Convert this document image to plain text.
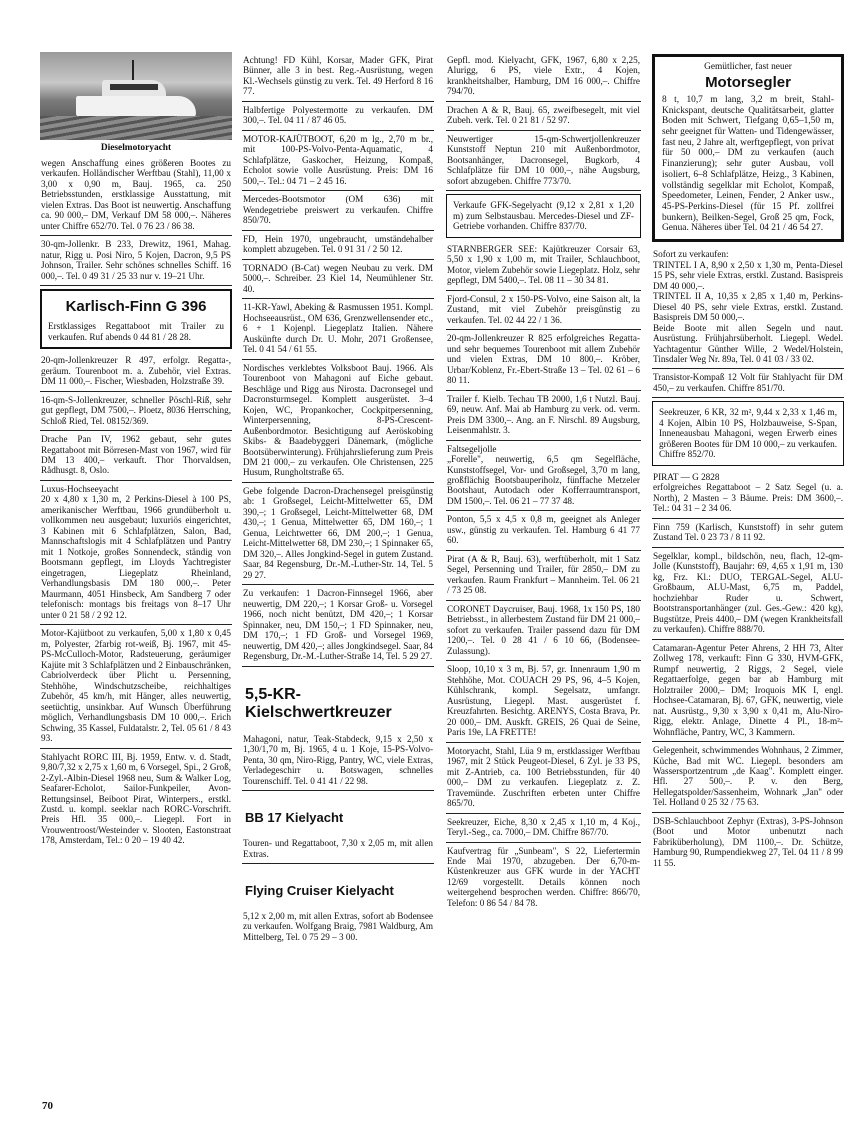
Dieselmotoryacht
wegen Anschaffung eines größeren Bootes zu verkaufen. Holländischer Werftbau (Stahl), 11,00 x 3,00 x 0,90 m, Bauj. 1965, ca. 250 Betriebsstunden, erstklassige Ausstattung, mit vielen Extras. Das Boot ist neuwertig. Anschaffung ca. 90 000,– DM, Verkauf DM 58 000,–. Näheres unter Chiffre 652/70. Tel. 0 76 23 / 86 38.
30-qm-Jollenkr. B 233, Drewitz, 1961, Mahag. natur, Rigg u. Posi Niro, 5 Kojen, Dacron, 9,5 PS Johnson, Trailer. Sehr schönes schnelles Schiff. 16 000,–. Tel. 0 49 31 / 25 33 nur v. 19–21 Uhr.
Karlisch-Finn G 396
Erstklassiges Regattaboot mit Trailer zu verkaufen. Ruf abends 0 44 81 / 28 28.
20-qm-Jollenkreuzer R 497, erfolgr. Regatta-, geräum. Tourenboot m. a. Zubehör, viel Extras. DM 11 000,–. Fischer, Wiesbaden, Holzstraße 39.
16-qm-S-Jollenkreuzer, schneller Pöschl-Riß, sehr gut gepflegt, DM 7500,–. Ploetz, 8036 Herrsching, Schloß Ried, Tel. 08152/369.
Drache Pan IV, 1962 gebaut, sehr gutes Regattaboot mit Börresen-Mast von 1967, wird für DM 13 400,– verkauft. Thor Thorvaldsen, Rådhusgt. 8, Oslo.
Luxus-Hochseeyacht
20 x 4,80 x 1,30 m, 2 Perkins-Diesel à 100 PS, amerikanischer Werftbau, 1966 grundüberholt u. vollkommen neu ausgebaut; luxuriös eingerichtet, 3 Kabinen mit 6 Schlafplätzen, Salon, Bad, Mannschaftslogis mit 4 Schlafplätzen und Pantry mit 1 Notkoje, großes Sonnendeck, ständig von Bootsmann gepflegt, im Lloyds Yachtregister eingetragen, Liegeplatz Rheinland, Verhandlungsbasis DM 180 000,–. Peter Maurmann, 4051 Hinsbeck, Am Sandberg 7 oder telefonisch: montags bis freitags von 8–17 Uhr unter 0 21 58 / 2 92 12.
Motor-Kajütboot zu verkaufen, 5,00 x 1,80 x 0,45 m, Polyester, 2farbig rot-weiß, Bj. 1967, mit 45-PS-McCulloch-Motor, Radsteuerung, geräumiger Kajüte mit 3 Schlafplätzen und 2 Einbauschränken, Cabriolverdeck über Plicht u. Persenning, Stehhöhe, Windschutzscheibe, reichhaltiges Zubehör, 45 km/h, mit Hänger, alles neuwertig, seetüchtig, unsinkbar. Auf Wunsch Überführung möglich, Verhandlungsbasis DM 10 000,–. Erich Schwing, 35 Kassel, Fuldatalstr. 2, Tel. 05 61 / 8 43 93.
Stahlyacht RORC III, Bj. 1959, Entw. v. d. Stadt, 9,80/7,32 x 2,75 x 1,60 m, 6 Vorsegel, Spi., 2 Groß, 2-Zyl.-Albin-Diesel 1968 neu, Sum & Walker Log, Seafarer-Echolot, Sailor-Funkpeiler, Avon-Rettungsinsel, Beiboot Pirat, Winterpers., erstkl. Zustd. u. kompl. seeklar nach RORC-Vorschrift. Preis Hfl. 35 000,–. Liegepl. Fort in Vrouwentroost/Westeinder v. Slooten, Eastonstraat 178, Amsterdam, Tel.: 0 20 – 19 40 42.
Achtung! FD Kühl, Korsar, Mader GFK, Pirat Bünner, alle 3 in best. Reg.-Ausrüstung, wegen Kl.-Wechsels günstig zu verk. Tel. 49 Herford 8 16 77.
Halbfertige Polyestermotte zu verkaufen. DM 300,–. Tel. 04 11 / 87 46 05.
MOTOR-KAJÜTBOOT, 6,20 m lg., 2,70 m br., mit 100-PS-Volvo-Penta-Aquamatic, 4 Schlafplätze, Gaskocher, Heizung, Kompaß, Echolot sowie volle Ausrüstung. Preis: DM 16 500,–. Tel.: 04 71 – 2 45 16.
Mercedes-Bootsmotor (OM 636) mit Wendegetriebe preiswert zu verkaufen. Chiffre 850/70.
FD, Hein 1970, ungebraucht, umständehalber komplett abzugeben. Tel. 0 91 31 / 2 50 12.
TORNADO (B-Cat) wegen Neubau zu verk. DM 5000,–. Schreiber. 23 Kiel 14, Neumühlener Str. 40.
11-KR-Yawl, Abeking & Rasmussen 1951. Kompl. Hochseeausrüst., OM 636, Grenzwellensender etc., 6 + 1 Kojenpl. Liegeplatz Italien. Nähere Auskünfte durch Dr. U. Mohr, 2071 Großensee, Tel. 0 41 54 / 61 55.
Nordisches verklebtes Volksboot Bauj. 1966. Als Tourenboot von Mahagoni auf Eiche gebaut. Beschläge und Rigg aus Nirosta. Dacronsegel und Dacronsturmsegel. Komplett ausgerüstet. 3–4 Kojen, WC, Propankocher, Cockpitpersenning, Winterpersenning, 8-PS-Crescent-Außenbordmotor. Besichtigung auf Aeröskobing Skibs- & Baadebyggeri Dänemark, (mögliche Bootsüberwinterung). Frühjahrslieferung zum Preis DM 21 000,– zu verkaufen. Ole Christensen, 225 Husum, Rungholtstraße 65.
Gebe folgende Dacron-Drachensegel preisgünstig ab: 1 Großsegel, Leicht-Mittelwetter 65, DM 390,–; 1 Großsegel, Leicht-Mittelwetter 68, DM 430,–; 1 Genua, Mittelwetter 65, DM 160,–; 1 Genua, Leichtwetter 66, DM 200,–; 1 Genua, Leicht-Mittelwetter 68, DM 230,–; 1 Spinnaker 65, DM 320,–. Alles Jongkind-Segel in gutem Zustand. Saar, 84 Regensburg, Dr.-M.-Luther-Str. 14, Tel. 5 29 27.
Zu verkaufen: 1 Dacron-Finnsegel 1966, aber neuwertig, DM 220,–; 1 Korsar Groß- u. Vorsegel 1966, noch nicht benützt, DM 420,–; 1 Korsar Spinnaker, neu, DM 150,–; 1 FD Spinnaker, neu, DM 170,–; 1 FD Groß- und Vorsegel 1969, neuwertig, DM 420,–; alles Jongkindsegel. Saar, 84 Regensburg, Dr.-M.-Luther-Straße 14, Tel. 5 29 27.

5,5-KR-Kielschwertkreuzer

Mahagoni, natur, Teak-Stabdeck, 9,15 x 2,50 x 1,30/1,70 m, Bj. 1965, 4 u. 1 Koje, 15-PS-Volvo-Penta, 30 qm, Niro-Rigg, Pantry, WC, viele Extras, Verladegeschirr u. Botswagen, schnelles Tourenschiff. Tel. 0 41 41 / 22 98.

BB 17 Kielyacht

Touren- und Regattaboot, 7,30 x 2,05 m, mit allen Extras.

Flying Cruiser Kielyacht

5,12 x 2,00 m, mit allen Extras, sofort ab Bodensee zu verkaufen. Wolfgang Braig, 7981 Waldburg, Am Mittelberg, Tel. 0 75 29 – 3 00.

Gepfl. mod. Kielyacht, GFK, 1967, 6,80 x 2,25, Alurigg, 6 PS, viele Extr., 4 Kojen, krankheitshalber, Hamburg, DM 16 000,–. Chiffre 794/70.
Drachen A & R, Bauj. 65, zweifbesegelt, mit viel Zubeh. verk. Tel. 0 21 81 / 52 97.
Neuwertiger 15-qm-Schwertjollenkreuzer Kunststoff Neptun 210 mit Außenbordmotor, Bootsanhänger, Dacronsegel, Bugkorb, 4 Schlafplätze für DM 10 000,–, nähe Augsburg, sofort abzugeben. Chiffre 773/70.
Verkaufe GFK-Segelyacht (9,12 x 2,81 x 1,20 m) zum Selbstausbau. Mercedes-Diesel und ZF-Getriebe vorhanden. Chiffre 837/70.
STARNBERGER SEE: Kajütkreuzer Corsair 63, 5,50 x 1,90 x 1,00 m, mit Trailer, Schlauchboot, Motor, vielem Zubehör sowie Liegeplatz. Holz, sehr gepflegt, DM 5400,–. Tel. 08 11 – 30 34 81.
Fjord-Consul, 2 x 150-PS-Volvo, eine Saison alt, la Zustand, mit viel Zubehör preisgünstig zu verkaufen. Tel. 02 44 22 / 1 36.
20-qm-Jollenkreuzer R 825 erfolgreiches Regatta- und sehr bequemes Tourenboot mit allem Zubehör und vielen Extras, DM 10 800,–. Kröber, Urbar/Koblenz, Fr.-Ebert-Straße 13 – Tel. 02 61 – 6 80 11.
Trailer f. Kielb. Techau TB 2000, 1,6 t Nutzl. Bauj. 69, neuw. Anf. Mai ab Hamburg zu verk. od. verm. Preis DM 3300,–. Ang. an F. Nirschl. 89 Augsburg, Leisenmahlstr. 3.
Faltsegeljolle
„Forelle", neuwertig, 6,5 qm Segelfläche, Kunststoffsegel, Vor- und Großsegel, 3,70 m lang, großflächig Bootsbauperiholz, fünffache Metzeler Bootshaut, Autodach oder Kofferraumtransport, DM 1500,–. Tel. 06 21 – 77 37 48.
Ponton, 5,5 x 4,5 x 0,8 m, geeignet als Anleger usw., günstig zu verkaufen. Tel. Hamburg 6 41 77 60.
Pirat (A & R, Bauj. 63), werftüberholt, mit 1 Satz Segel, Persenning und Trailer, für 2850,– DM zu verkaufen. Raum Frankfurt – Mannheim. Tel. 06 21 / 73 25 08.
CORONET Daycruiser, Bauj. 1968, 1x 150 PS, 180 Betriebsst., in allerbestem Zustand für DM 21 000,– sofort zu verkaufen. Trailer passend dazu für DM 1200,–. Tel. 0 28 41 / 6 10 66, (Bodensee-Zulassung).
Sloop, 10,10 x 3 m, Bj. 57, gr. Innenraum 1,90 m Stehhöhe, Mot. COUACH 29 PS, 96, 4–5 Kojen, Kühlschrank, kompl. Segelsatz, umfangr. Ausrüstung, Liegepl. Mast. ausgerüstet f. Kreuzfahrten. Besichtg. ARENYS, Costa Brava, Pr. 20 000,– DM. Auskft. GREIS, 26 Quai de Seine, Paris 19e, LA FRETTE!
Motoryacht, Stahl, Lüa 9 m, erstklassiger Werftbau 1967, mit 2 Stück Peugeot-Diesel, 6 Zyl. je 33 PS, mit Z-Antrieb, ca. 100 Betriebsstunden, für 40 000,– DM zu verkaufen. Liegeplatz z. Z. Travemünde. Zuschriften erbeten unter Chiffre 865/70.
Seekreuzer, Eiche, 8,30 x 2,45 x 1,10 m, 4 Koj., Teryl.-Seg., ca. 7000,– DM. Chiffre 867/70.
Kaufvertrag für „Sunbeam", S 22, Liefertermin Ende Mai 1970, abzugeben. Der 6,70-m-Küstenkreuzer aus GFK wurde in der YACHT 12/69 vorgestellt. Details können noch weitergehend besprochen werden. Chiffre: 866/70, Telefon: 0 86 54 / 84 78.
Gemütlicher, fast neuer
Motorsegler
8 t, 10,7 m lang, 3,2 m breit, Stahl-Knickspant, deutsche Qualitätsarbeit, glatter Boden mit Schwert, Tiefgang 0,65–1,50 m, sehr geeignet für Watten- und Tidengewässer, fast neu, 2 Jahre alt, werftgepflegt, von privat für 50 000,– DM zu verkaufen (auch Finanzierung); sehr guter Ausbau, voll isoliert, 6–8 Schlafplätze, Heizg., 3 Kabinen, vollständig segelklar mit Echolot, Kompaß, Speedometer, Leinen, Fender, 2 Anker usw., 45-PS-Perkins-Diesel (für 15 Pf. zollfrei bunkern), Beilken-Segel, Groß 25 qm, Fock, Genua. Näheres über Tel. 04 21 / 46 54 27.
Sofort zu verkaufen:
TRINTEL I A, 8,90 x 2,50 x 1,30 m, Penta-Diesel 15 PS, sehr viele Extras, erstkl. Zustand. Basispreis DM 40 000,–.
TRINTEL II A, 10,35 x 2,85 x 1,40 m, Perkins-Diesel 40 PS, sehr viele Extras, erstkl. Zustand. Basispreis DM 50 000,–.
Beide Boote mit allen Segeln und naut. Ausrüstung. Frühjahrsüberholt. Liegepl. Wedel. Yachtagentur Günther Wille, 2 Wedel/Holstein, Tinsdaler Weg Nr. 89a, Tel. 0 41 03 / 33 02.
Transistor-Kompaß 12 Volt für Stahlyacht für DM 450,– zu verkaufen. Chiffre 851/70.
Seekreuzer, 6 KR, 32 m², 9,44 x 2,33 x 1,46 m, 4 Kojen, Albin 10 PS, Holzbauweise, S-Span, Inneneausbau Mahagoni, wegen Erwerb eines größeren Bootes für DM 10 000,– zu verkaufen. Chiffre 852/70.
PIRAT — G 2828
erfolgreiches Regattaboot – 2 Satz Segel (u. a. North), 2 Masten – 3 Bäume. Preis: DM 3600,–. Tel.: 04 31 – 2 34 06.
Finn 759 (Karlisch, Kunststoff) in sehr gutem Zustand Tel. 0 23 73 / 8 11 92.
Segelklar, kompl., bildschön, neu, flach, 12-qm-Jolle (Kunststoff), Baujahr: 69, 4,65 x 1,91 m, 130 kg, Frz. Kl.: DUO, TERGAL-Segel, ALU-Großbaum, ALU-Mast, 6,75 m, Paddel, hochziehbar Ruder u. Schwert, Bootstransportanhänger (zul. Ges.-Gew.: 420 kg), Bugstütze, Preis 4400,– DM (wegen Krankheitsfall zu verkaufen). Chiffre 888/70.
Catamaran-Agentur Peter Ahrens, 2 HH 73, Alter Zollweg 178, verkauft: Finn G 330, HVM-GFK, Rumpf neuwertig, 2 Riggs, 2 Segel, viele Regattaerfolge, gegen bar ab Hamburg mit Holztrailer 2000,– DM; Iroquois MK I, engl. Hochsee-Catamaran, Bj. 67, GFK, neuwertig, viele nat. Ausrüstg., 9,30 x 3,90 x 0,41 m, Alu-Niro-Rigg, elektr. Anlage, Dinette 4 Pl., 18-m²-Wohnfläche, Pantry, WC, 3 Kammern.
Gelegenheit, schwimmendes Wohnhaus, 2 Zimmer, Küche, Bad mit WC. Liegepl. besonders am Wassersportzentrum „de Kaag". Komplett einger. Hfl. 27 500,–. P. v. den Berg, Hellegatspolder/Sassenheim, Wohnark „Jan" oder Tel. Holland 0 25 32 / 75 63.
DSB-Schlauchboot Zephyr (Extras), 3-PS-Johnson (Boot und Motor unbenutzt nach Fabriküberholung), DM 1100,–. Dr. Schütze, Hamburg 90, Rumpendiekweg 27, Tel. 04 11 / 8 99 11 55.
70
